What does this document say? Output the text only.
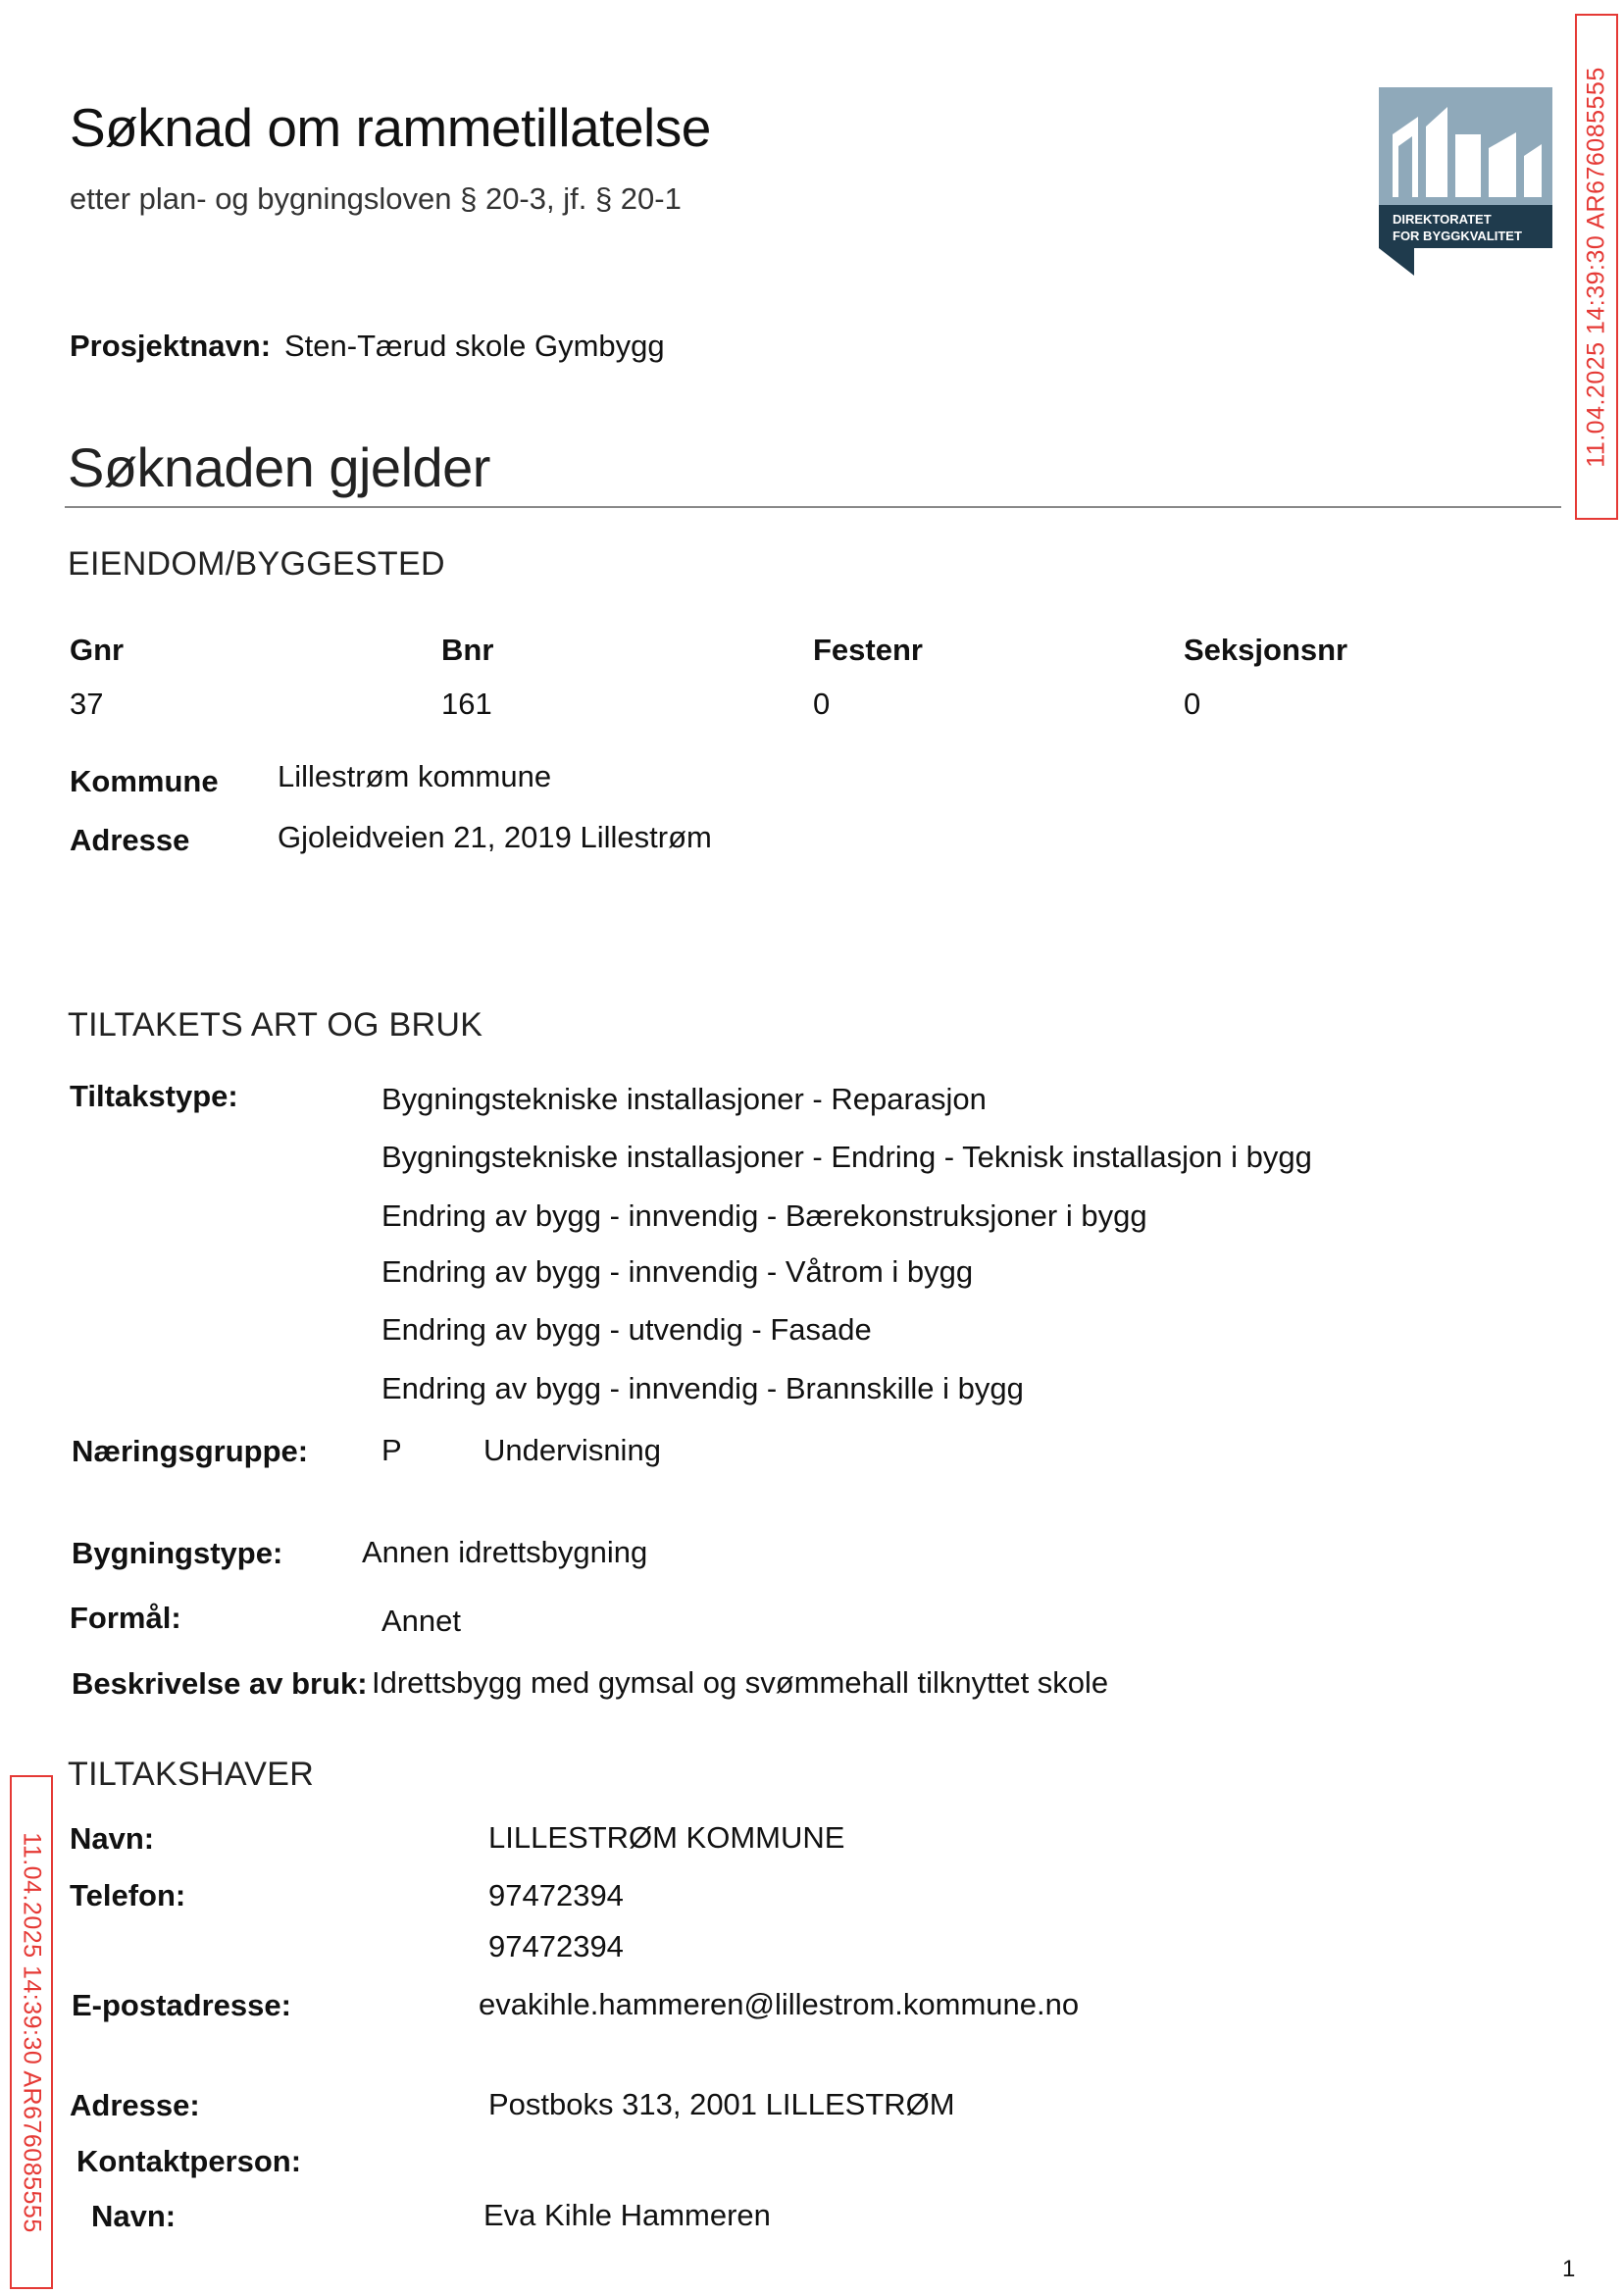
Søknad om rammetillatelse
etter plan- og bygningsloven § 20-3, jf. § 20-1
DIREKTORATET
FOR BYGGKVALITET 11.04.2025 14:39:30 AR676085555
11.04.2025 14:39:30 AR676085555
Prosjektnavn: Sten-Tærud skole Gymbygg
Søknaden gjelder
EIENDOM/BYGGESTED
Gnr	Bnr	Festenr	Seksjonsnr
37	161	0	0
Kommune Lillestrøm kommune
Adresse	Gjoleidveien 21, 2019 Lillestrøm
TILTAKETS ART OG BRUK
Tiltakstype:	Bygningstekniske installasjoner - Reparasjon
Bygningstekniske installasjoner - Endring - Teknisk installasjon i bygg
Endring av bygg - innvendig - Bærekonstruksjoner i bygg
Endring av bygg - innvendig - Våtrom i bygg
Endring av bygg - utvendig - Fasade
Endring av bygg - innvendig - Brannskille i bygg
Næringsgruppe: P	Undervisning
Bygningstype:	Annen idrettsbygning
Formål:	Annet
Beskrivelse av bruk: Idrettsbygg med gymsal og svømmehall tilknyttet skole
TILTAKSHAVER
Navn:	LILLESTRØM KOMMUNE
Telefon:	97472394
97472394
E-postadresse:	evakihle.hammeren@lillestrom.kommune.no
Adresse:	Postboks 313, 2001 LILLESTRØM
Kontaktperson:
Navn:	Eva Kihle Hammeren
1
